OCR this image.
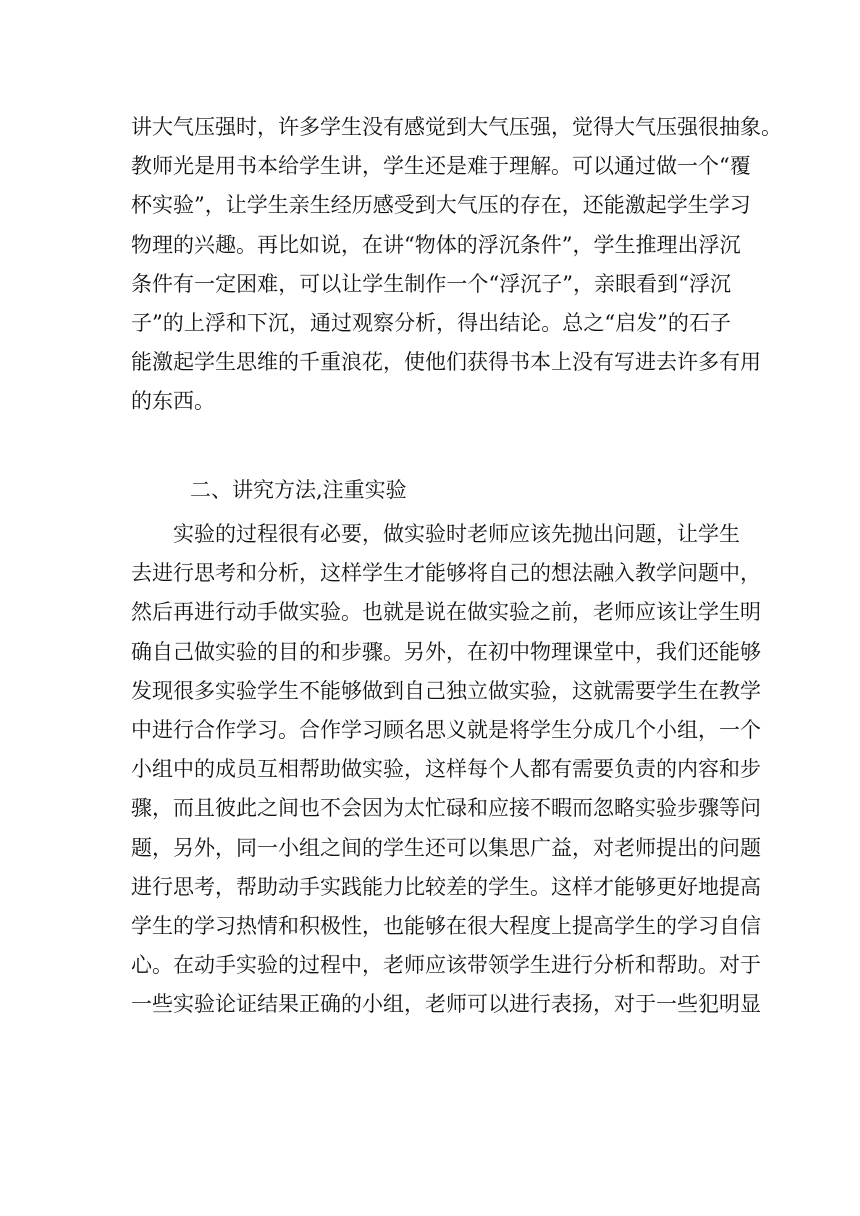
讲大气压强时，许多学生没有感觉到大气压强，觉得大气压强很抽象。
教师光是用书本给学生讲，学生还是难于理解。可以通过做一个“覆
杯实验”，让学生亲生经历感受到大气压的存在，还能激起学生学习
物理的兴趣。再比如说，在讲“物体的浮沉条件”，学生推理出浮沉
条件有一定困难，可以让学生制作一个“浮沉子”，亲眼看到“浮沉
子”的上浮和下沉，通过观察分析，得出结论。总之“启发”的石子
能激起学生思维的千重浪花，使他们获得书本上没有写进去许多有用
的东西。
二、讲究方法,注重实验
　　实验的过程很有必要，做实验时老师应该先抛出问题，让学生
去进行思考和分析，这样学生才能够将自己的想法融入教学问题中，
然后再进行动手做实验。也就是说在做实验之前，老师应该让学生明
确自己做实验的目的和步骤。另外，在初中物理课堂中，我们还能够
发现很多实验学生不能够做到自己独立做实验，这就需要学生在教学
中进行合作学习。合作学习顾名思义就是将学生分成几个小组，一个
小组中的成员互相帮助做实验，这样每个人都有需要负责的内容和步
骤，而且彼此之间也不会因为太忙碌和应接不暇而忽略实验步骤等问
题，另外，同一小组之间的学生还可以集思广益，对老师提出的问题
进行思考，帮助动手实践能力比较差的学生。这样才能够更好地提高
学生的学习热情和积极性，也能够在很大程度上提高学生的学习自信
心。在动手实验的过程中，老师应该带领学生进行分析和帮助。对于
一些实验论证结果正确的小组，老师可以进行表扬，对于一些犯明显
